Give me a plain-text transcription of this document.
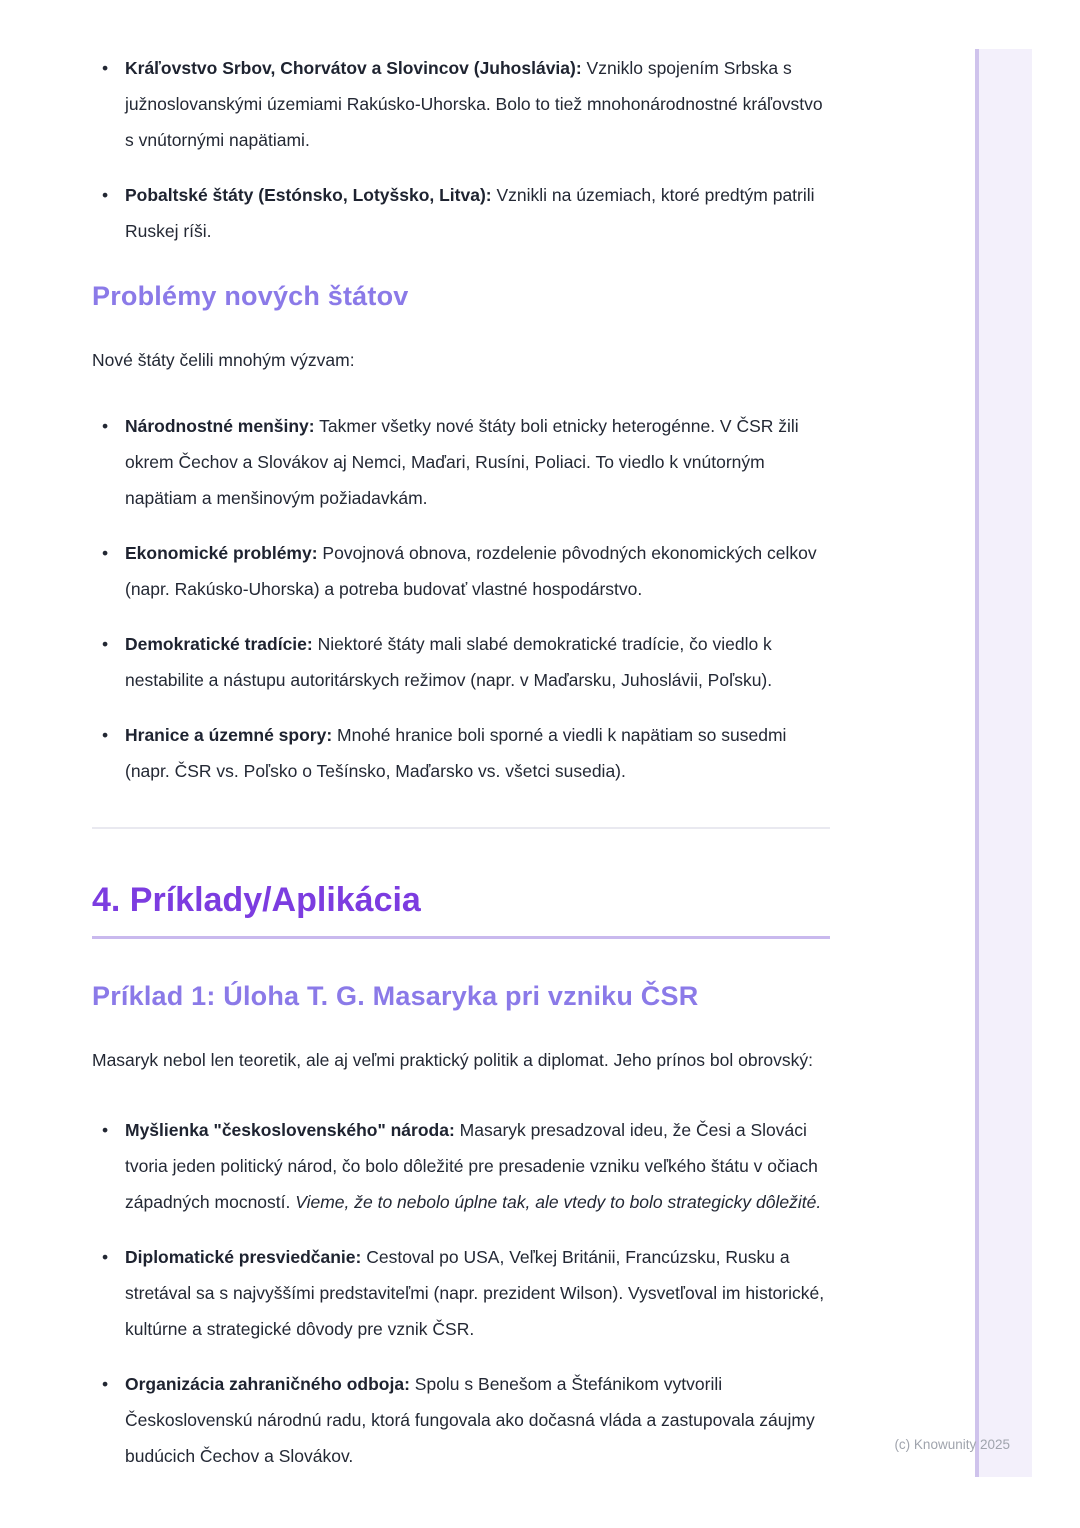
• Kráľovstvo Srbov, Chorvátov a Slovincov (Juhoslávia): Vzniklo spojením Srbska s južnoslovanskými územiami Rakúsko-Uhorska. Bolo to tiež mnohonárodnostné kráľovstvo s vnútornými napätiami.
• Pobaltské štáty (Estónsko, Lotyšsko, Litva): Vznikli na územiach, ktoré predtým patrili Ruskej ríši.
Problémy nových štátov

Nové štáty čelili mnohým výzvam:

• Národnostné menšiny: Takmer všetky nové štáty boli etnicky heterogénne. V ČSR žili okrem Čechov a Slovákov aj Nemci, Maďari, Rusíni, Poliaci. To viedlo k vnútorným napätiam a menšinovým požiadavkám.
• Ekonomické problémy: Povojnová obnova, rozdelenie pôvodných ekonomických celkov (napr. Rakúsko-Uhorska) a potreba budovať vlastné hospodárstvo.
• Demokratické tradície: Niektoré štáty mali slabé demokratické tradície, čo viedlo k nestabilite a nástupu autoritárskych režimov (napr. v Maďarsku, Juhoslávii, Poľsku).
• Hranice a územné spory: Mnohé hranice boli sporné a viedli k napätiam so susedmi (napr. ČSR vs. Poľsko o Tešínsko, Maďarsko vs. všetci susedia).
4. Príklady/Aplikácia
Príklad 1: Úloha T. G. Masaryka pri vzniku ČSR

Masaryk nebol len teoretik, ale aj veľmi praktický politik a diplomat. Jeho prínos bol obrovský:

• Myšlienka "československého" národa: Masaryk presadzoval ideu, že Česi a Slováci tvoria jeden politický národ, čo bolo dôležité pre presadenie vzniku veľkého štátu v očiach západných mocností. Vieme, že to nebolo úplne tak, ale vtedy to bolo strategicky dôležité.
• Diplomatické presviedčanie: Cestoval po USA, Veľkej Británii, Francúzsku, Rusku a stretával sa s najvyššími predstaviteľmi (napr. prezident Wilson). Vysvetľoval im historické, kultúrne a strategické dôvody pre vznik ČSR.
• Organizácia zahraničného odboja: Spolu s Benešom a Štefánikom vytvorili Československú národnú radu, ktorá fungovala ako dočasná vláda a zastupovala záujmy budúcich Čechov a Slovákov.
(c) Knowunity 2025
